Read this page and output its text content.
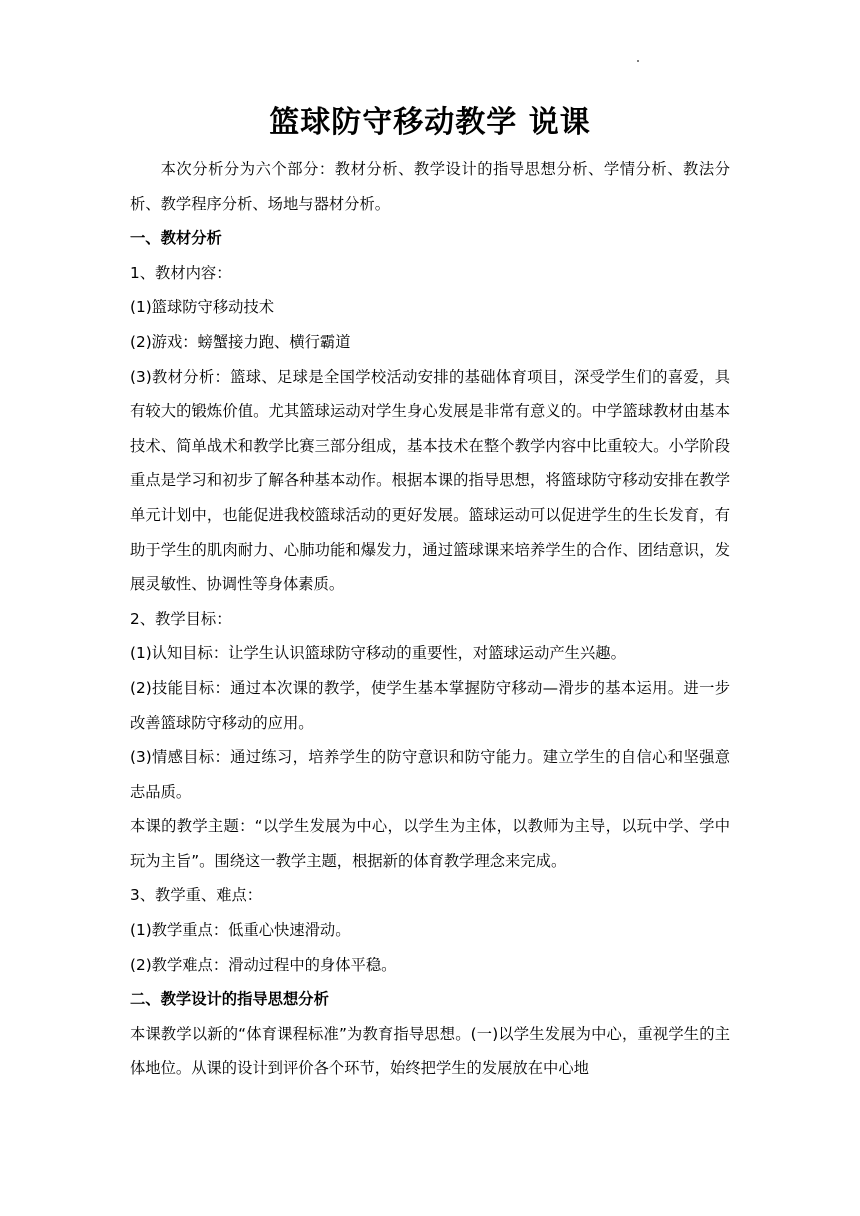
篮球防守移动教学 说课

本次分析分为六个部分：教材分析、教学设计的指导思想分析、学情分析、教法分析、教学程序分析、场地与器材分析。

一、教材分析

1、教材内容：

(1)篮球防守移动技术

(2)游戏：螃蟹接力跑、横行霸道

(3)教材分析：篮球、足球是全国学校活动安排的基础体育项目，深受学生们的喜爱，具有较大的锻炼价值。尤其篮球运动对学生身心发展是非常有意义的。中学篮球教材由基本技术、简单战术和教学比赛三部分组成，基本技术在整个教学内容中比重较大。小学阶段重点是学习和初步了解各种基本动作。根据本课的指导思想，将篮球防守移动安排在教学单元计划中，也能促进我校篮球活动的更好发展。篮球运动可以促进学生的生长发育，有助于学生的肌肉耐力、心肺功能和爆发力，通过篮球课来培养学生的合作、团结意识，发展灵敏性、协调性等身体素质。

2、教学目标：

(1)认知目标：让学生认识篮球防守移动的重要性，对篮球运动产生兴趣。

(2)技能目标：通过本次课的教学，使学生基本掌握防守移动—滑步的基本运用。进一步改善篮球防守移动的应用。

(3)情感目标：通过练习，培养学生的防守意识和防守能力。建立学生的自信心和坚强意志品质。

本课的教学主题：“以学生发展为中心，以学生为主体，以教师为主导，以玩中学、学中玩为主旨”。围绕这一教学主题，根据新的体育教学理念来完成。

3、教学重、难点：

(1)教学重点：低重心快速滑动。

(2)教学难点：滑动过程中的身体平稳。

二、教学设计的指导思想分析

本课教学以新的“体育课程标准”为教育指导思想。(一)以学生发展为中心，重视学生的主体地位。从课的设计到评价各个环节，始终把学生的发展放在中心地
